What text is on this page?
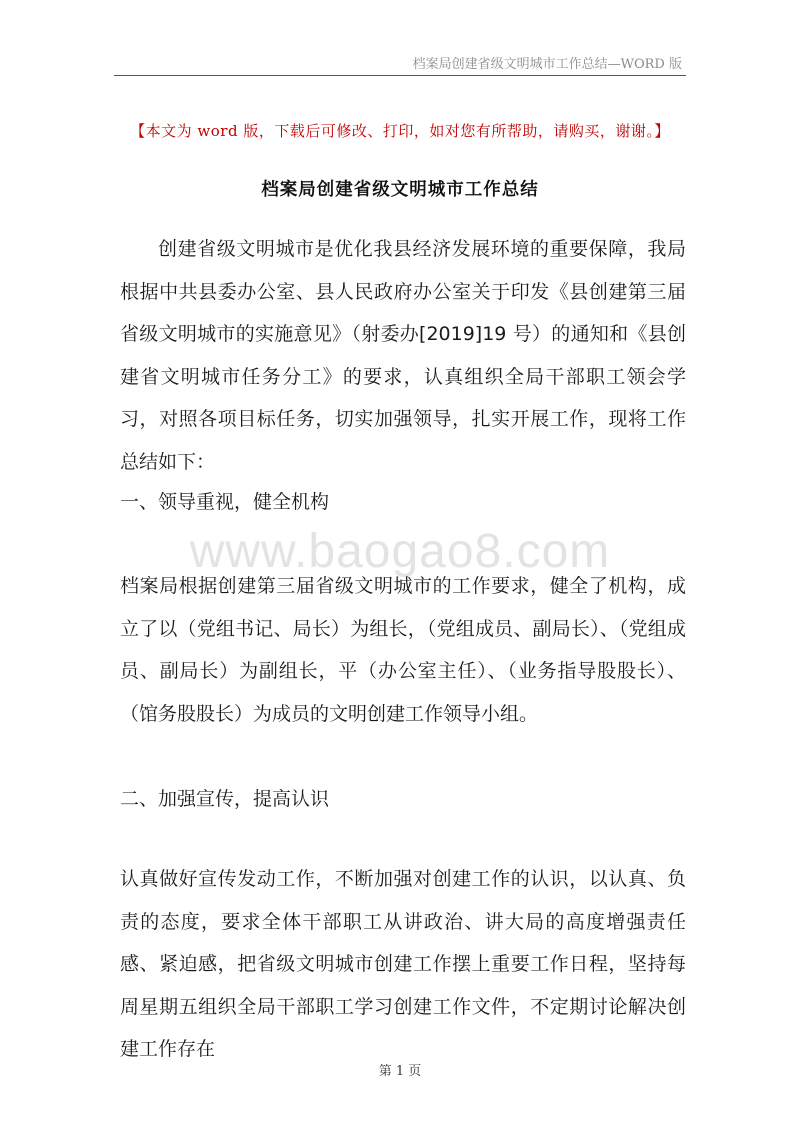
档案局创建省级文明城市工作总结—WORD 版
【本文为 word 版，下载后可修改、打印，如对您有所帮助，请购买，谢谢。】
档案局创建省级文明城市工作总结
创建省级文明城市是优化我县经济发展环境的重要保障，我局根据中共县委办公室、县人民政府办公室关于印发《县创建第三届省级文明城市的实施意见》（射委办[2019]19 号）的通知和《县创建省文明城市任务分工》的要求，认真组织全局干部职工领会学习，对照各项目标任务，切实加强领导，扎实开展工作，现将工作总结如下：
一、领导重视，健全机构
www.baogao8.com
档案局根据创建第三届省级文明城市的工作要求，健全了机构，成立了以（党组书记、局长）为组长，（党组成员、副局长）、（党组成员、副局长）为副组长，平（办公室主任）、（业务指导股股长）、（馆务股股长）为成员的文明创建工作领导小组。
二、加强宣传，提高认识
认真做好宣传发动工作，不断加强对创建工作的认识，以认真、负责的态度，要求全体干部职工从讲政治、讲大局的高度增强责任感、紧迫感，把省级文明城市创建工作摆上重要工作日程，坚持每周星期五组织全局干部职工学习创建工作文件，不定期讨论解决创建工作存在
第 1 页
